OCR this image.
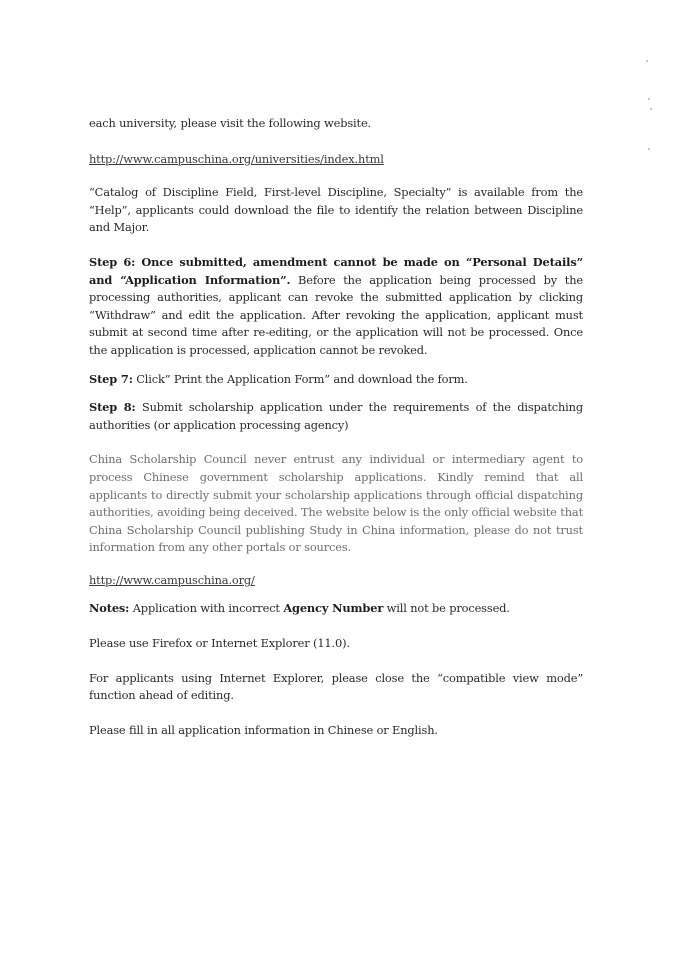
each university, please visit the following website.

http://www.campuschina.org/universities/index.html

“Catalog of Discipline Field, First-level Discipline, Specialty” is available from the “Help”, applicants could download the file to identify the relation between Discipline and Major.

Step 6: Once submitted, amendment cannot be made on “Personal Details” and “Application Information”. Before the application being processed by the processing authorities, applicant can revoke the submitted application by clicking “Withdraw” and edit the application. After revoking the application, applicant must submit at second time after re-editing, or the application will not be processed. Once the application is processed, application cannot be revoked.

Step 7: Click” Print the Application Form” and download the form.

Step 8: Submit scholarship application under the requirements of the dispatching authorities (or application processing agency)

China Scholarship Council never entrust any individual or intermediary agent to process Chinese government scholarship applications. Kindly remind that all applicants to directly submit your scholarship applications through official dispatching authorities, avoiding being deceived. The website below is the only official website that China Scholarship Council publishing Study in China information, please do not trust information from any other portals or sources.

http://www.campuschina.org/

Notes: Application with incorrect Agency Number will not be processed.

Please use Firefox or Internet Explorer (11.0).

For applicants using Internet Explorer, please close the “compatible view mode” function ahead of editing.

Please fill in all application information in Chinese or English.
